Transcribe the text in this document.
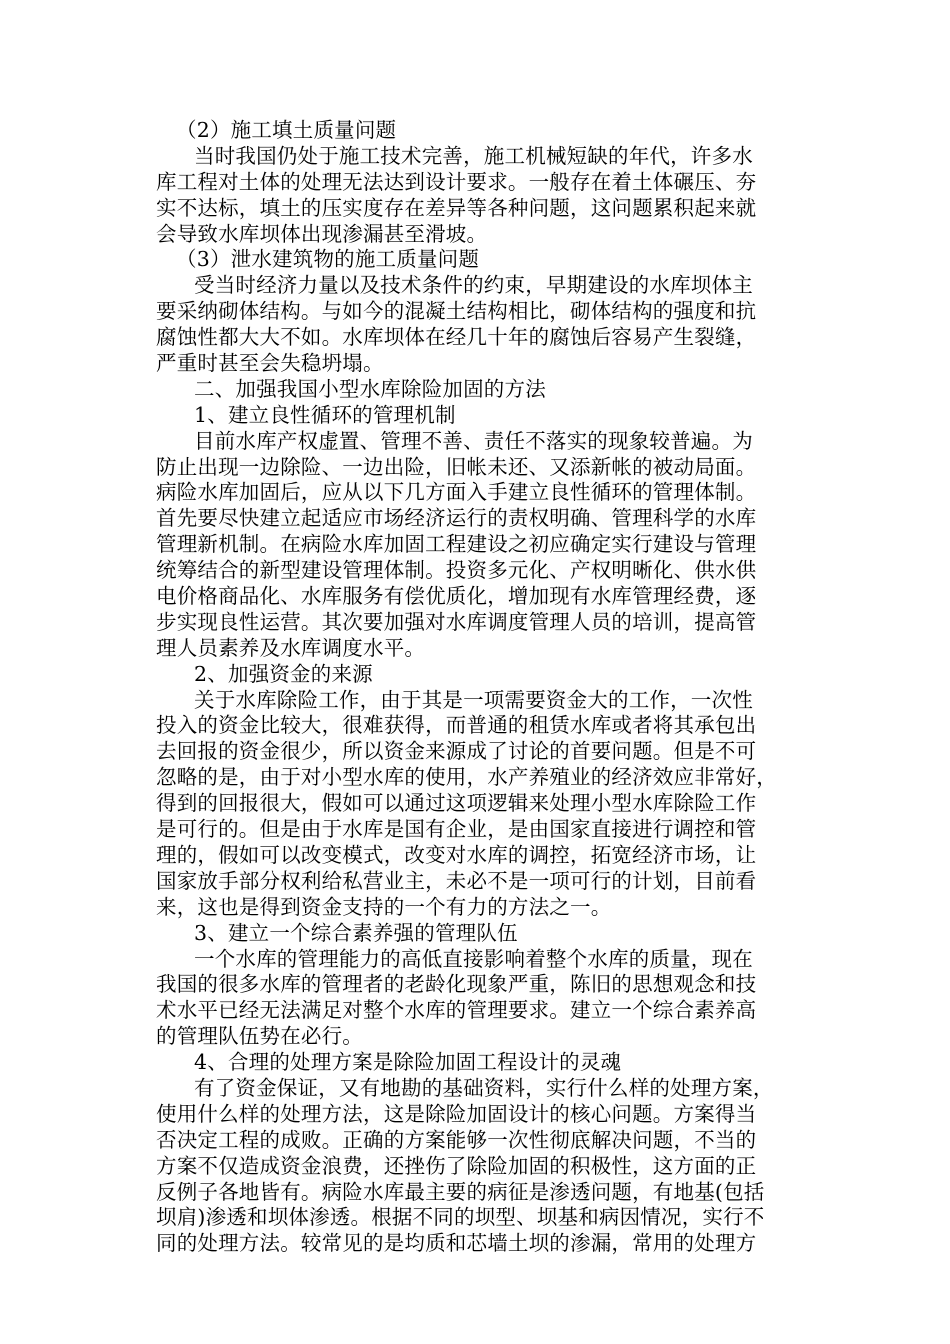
（2）施工填土质量问题
当时我国仍处于施工技术完善，施工机械短缺的年代，许多水
库工程对土体的处理无法达到设计要求。一般存在着土体碾压、夯
实不达标，填土的压实度存在差异等各种问题，这问题累积起来就
会导致水库坝体出现渗漏甚至滑坡。
（3）泄水建筑物的施工质量问题
受当时经济力量以及技术条件的约束，早期建设的水库坝体主
要采纳砌体结构。与如今的混凝土结构相比，砌体结构的强度和抗
腐蚀性都大大不如。水库坝体在经几十年的腐蚀后容易产生裂缝，
严重时甚至会失稳坍塌。
二、加强我国小型水库除险加固的方法
1、建立良性循环的管理机制
目前水库产权虚置、管理不善、责任不落实的现象较普遍。为
防止出现一边除险、一边出险，旧帐未还、又添新帐的被动局面。
病险水库加固后，应从以下几方面入手建立良性循环的管理体制。
首先要尽快建立起适应市场经济运行的责权明确、管理科学的水库
管理新机制。在病险水库加固工程建设之初应确定实行建设与管理
统筹结合的新型建设管理体制。投资多元化、产权明晰化、供水供
电价格商品化、水库服务有偿优质化，增加现有水库管理经费，逐
步实现良性运营。其次要加强对水库调度管理人员的培训，提高管
理人员素养及水库调度水平。
2、加强资金的来源
关于水库除险工作，由于其是一项需要资金大的工作，一次性
投入的资金比较大，很难获得，而普通的租赁水库或者将其承包出
去回报的资金很少，所以资金来源成了讨论的首要问题。但是不可
忽略的是，由于对小型水库的使用，水产养殖业的经济效应非常好，
得到的回报很大，假如可以通过这项逻辑来处理小型水库除险工作
是可行的。但是由于水库是国有企业，是由国家直接进行调控和管
理的，假如可以改变模式，改变对水库的调控，拓宽经济市场，让
国家放手部分权利给私营业主，未必不是一项可行的计划，目前看
来，这也是得到资金支持的一个有力的方法之一。
3、建立一个综合素养强的管理队伍
一个水库的管理能力的高低直接影响着整个水库的质量，现在
我国的很多水库的管理者的老龄化现象严重，陈旧的思想观念和技
术水平已经无法满足对整个水库的管理要求。建立一个综合素养高
的管理队伍势在必行。
4、合理的处理方案是除险加固工程设计的灵魂
有了资金保证，又有地勘的基础资料，实行什么样的处理方案，
使用什么样的处理方法，这是除险加固设计的核心问题。方案得当
否决定工程的成败。正确的方案能够一次性彻底解决问题，不当的
方案不仅造成资金浪费，还挫伤了除险加固的积极性，这方面的正
反例子各地皆有。病险水库最主要的病征是渗透问题，有地基(包括
坝肩)渗透和坝体渗透。根据不同的坝型、坝基和病因情况，实行不
同的处理方法。较常见的是均质和芯墙土坝的渗漏，常用的处理方
